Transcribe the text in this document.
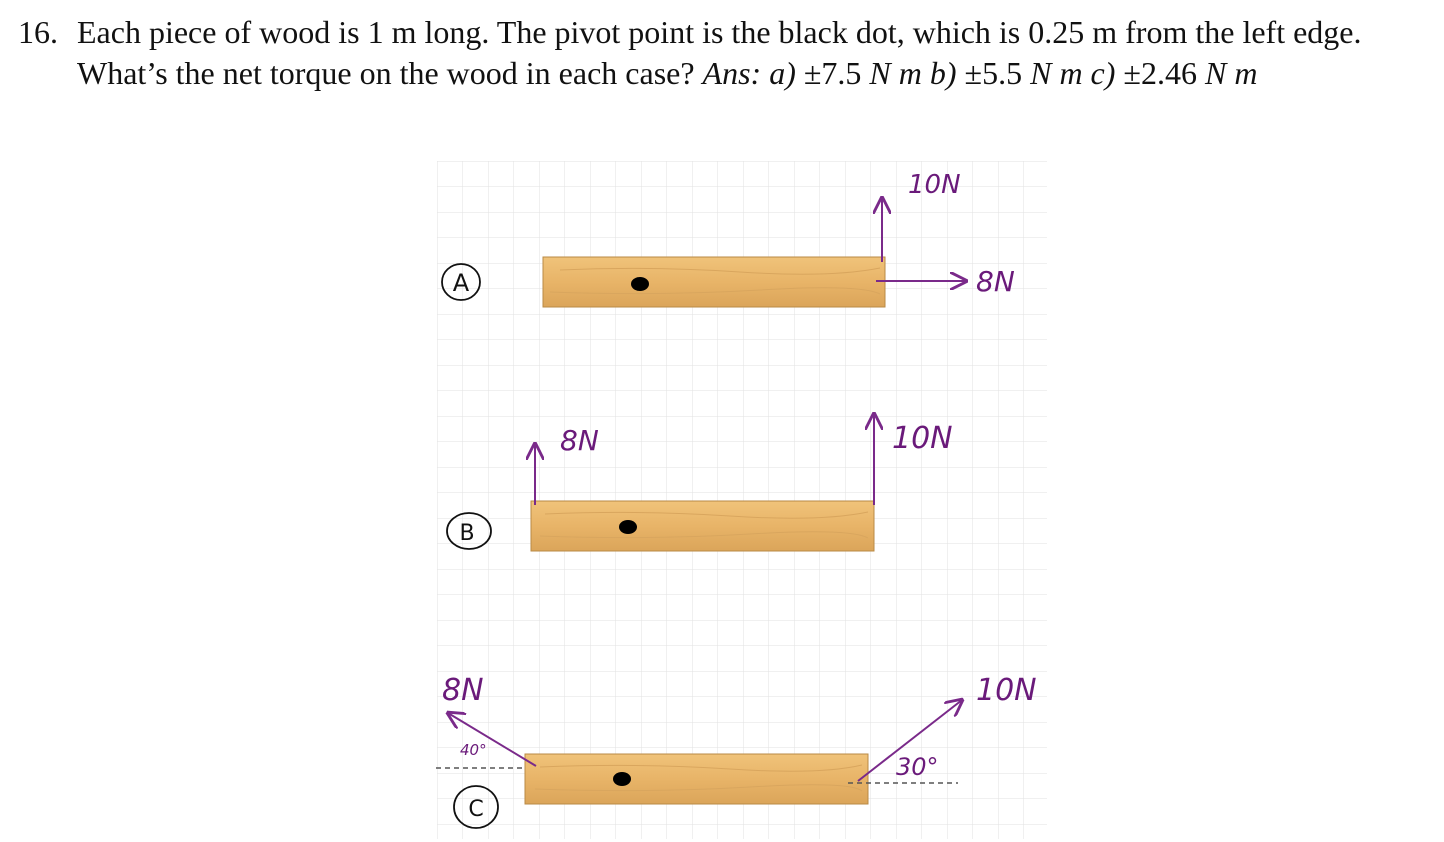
16. Each piece of wood is 1 m long. The pivot point is the black dot, which is 0.25 m from the left edge. What’s the net torque on the wood in each case? Ans: a) ±7.5 N m b) ±5.5 N m c) ±2.46 N m
A
10N
8N
B
8N	10N
C
8N
40°
10N
30°
